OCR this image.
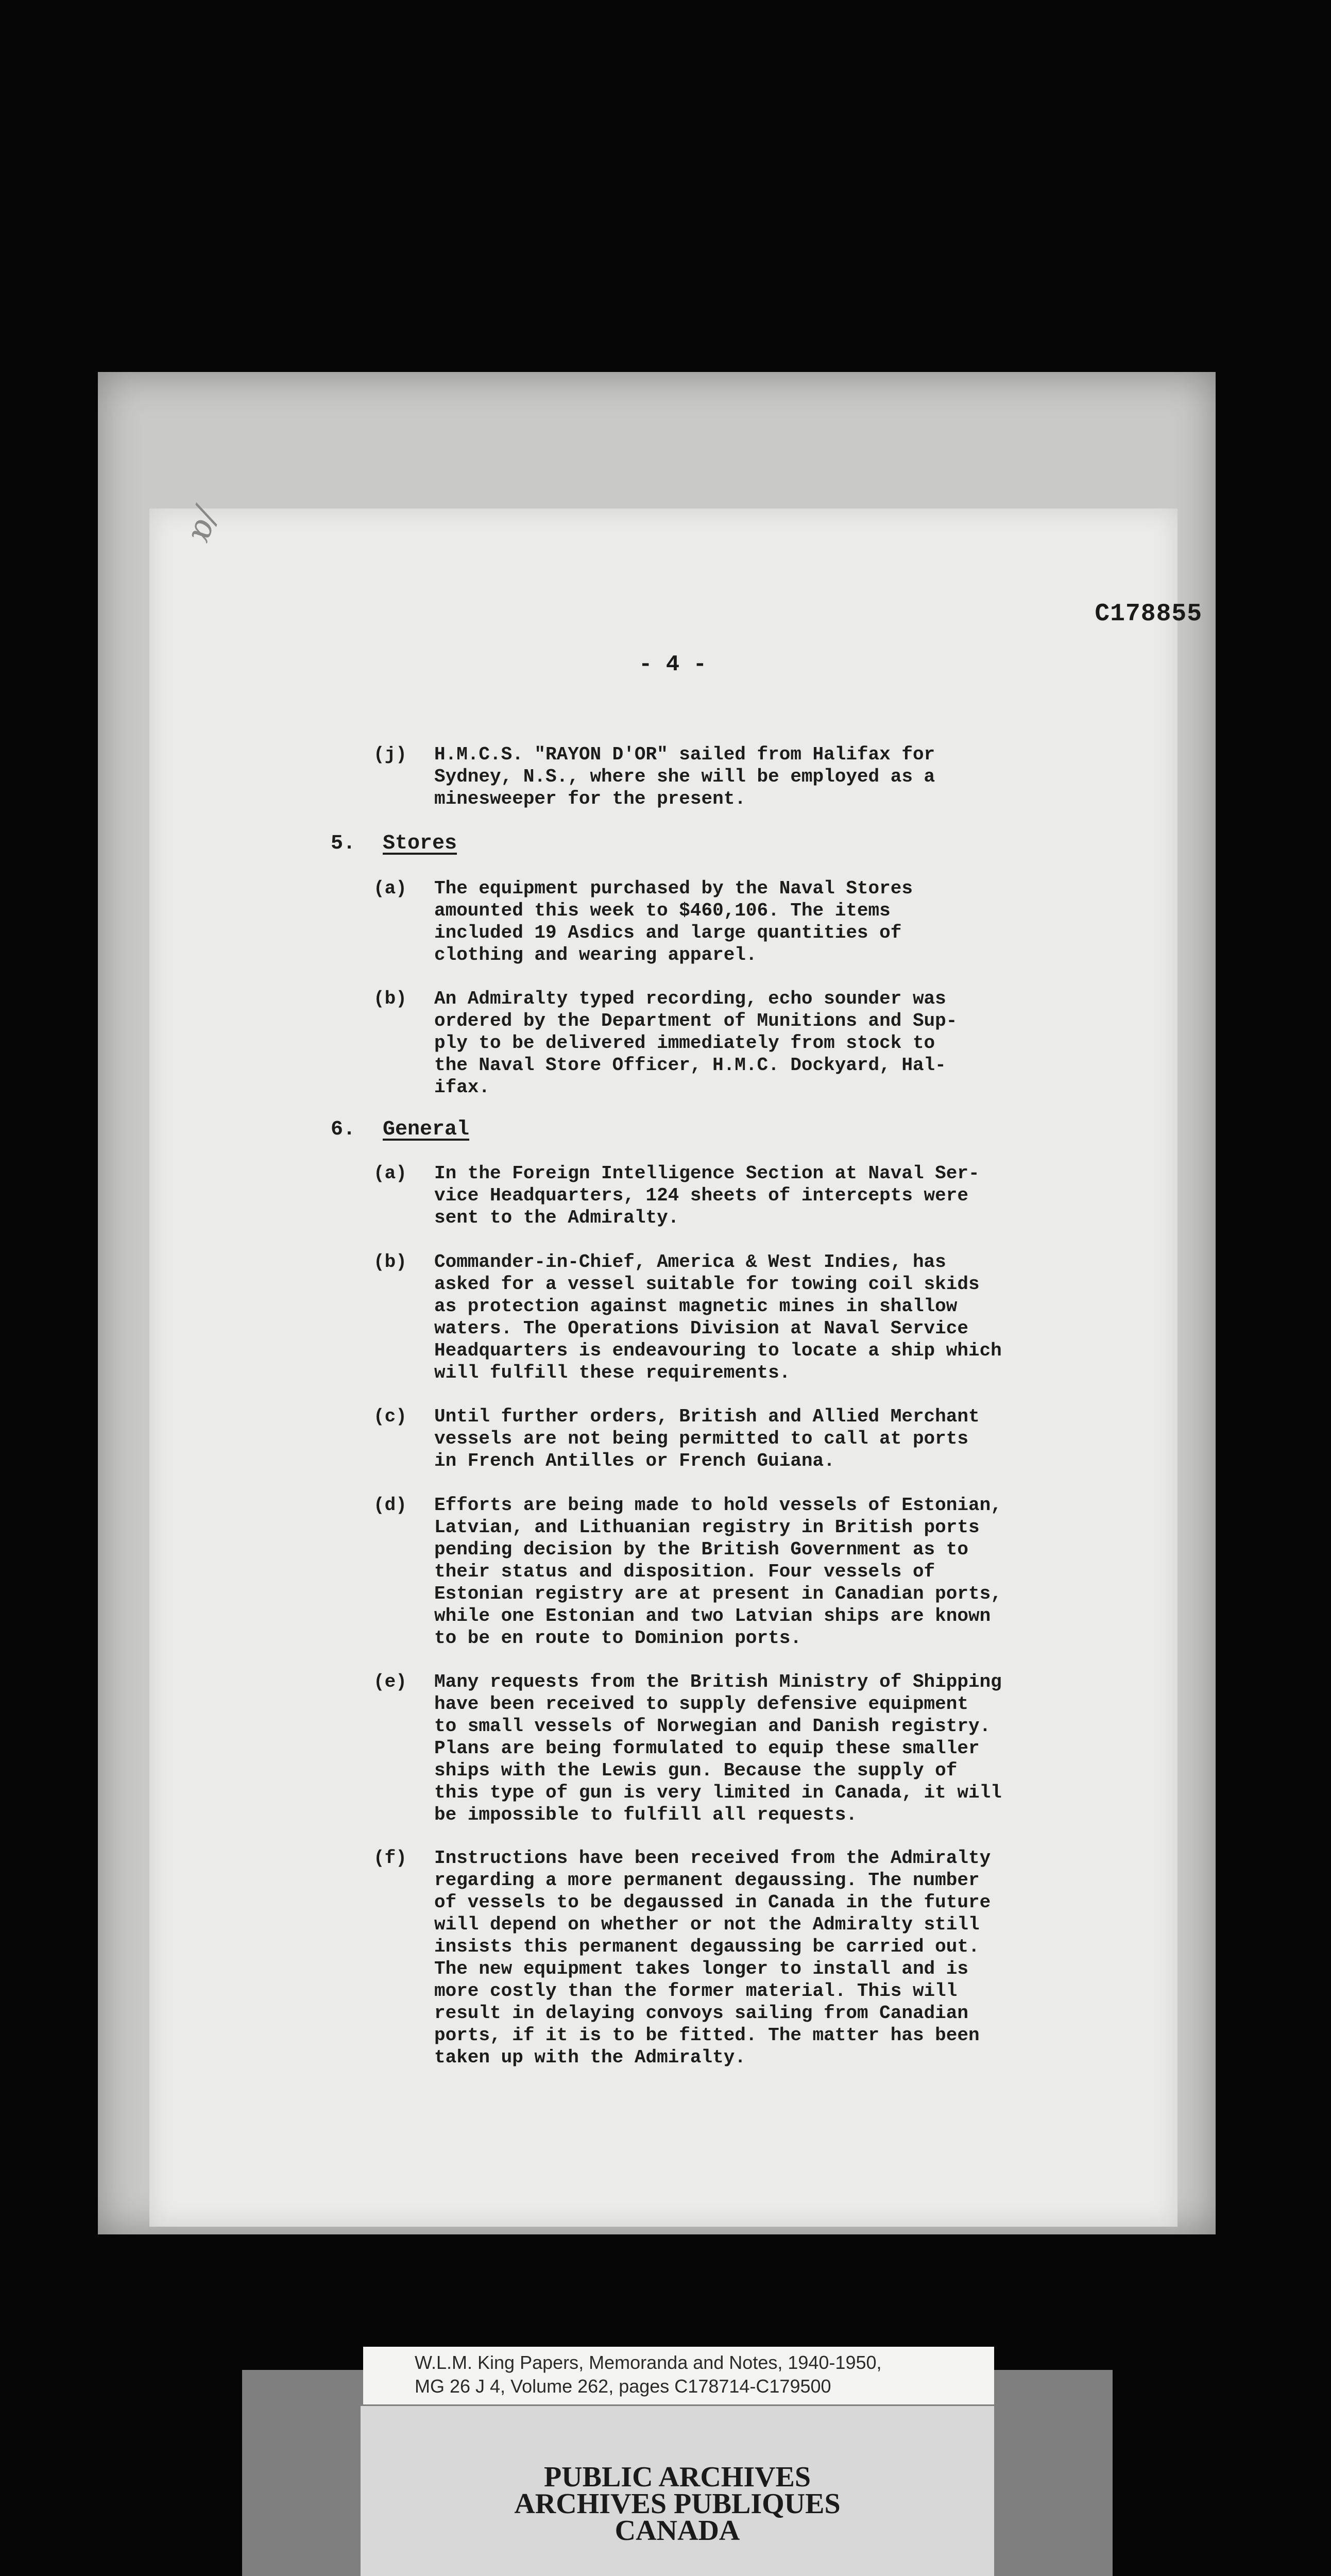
ɒ/
C178855
- 4 -
(j) H.M.C.S. "RAYON D'OR" sailed from Halifax for
Sydney, N.S., where she will be employed as a
minesweeper for the present.
5. Stores
(a) The equipment purchased by the Naval Stores
amounted this week to $460,106. The items
included 19 Asdics and large quantities of
clothing and wearing apparel.
(b) An Admiralty typed recording, echo sounder was
ordered by the Department of Munitions and Sup-
ply to be delivered immediately from stock to
the Naval Store Officer, H.M.C. Dockyard, Hal-
ifax.
6. General
(a) In the Foreign Intelligence Section at Naval Ser-
vice Headquarters, 124 sheets of intercepts were
sent to the Admiralty.
(b) Commander-in-Chief, America & West Indies, has
asked for a vessel suitable for towing coil skids
as protection against magnetic mines in shallow
waters. The Operations Division at Naval Service
Headquarters is endeavouring to locate a ship which
will fulfill these requirements.
(c) Until further orders, British and Allied Merchant
vessels are not being permitted to call at ports
in French Antilles or French Guiana.
(d) Efforts are being made to hold vessels of Estonian,
Latvian, and Lithuanian registry in British ports
pending decision by the British Government as to
their status and disposition. Four vessels of
Estonian registry are at present in Canadian ports,
while one Estonian and two Latvian ships are known
to be en route to Dominion ports.
(e) Many requests from the British Ministry of Shipping
have been received to supply defensive equipment
to small vessels of Norwegian and Danish registry.
Plans are being formulated to equip these smaller
ships with the Lewis gun. Because the supply of
this type of gun is very limited in Canada, it will
be impossible to fulfill all requests.
(f) Instructions have been received from the Admiralty
regarding a more permanent degaussing. The number
of vessels to be degaussed in Canada in the future
will depend on whether or not the Admiralty still
insists this permanent degaussing be carried out.
The new equipment takes longer to install and is
more costly than the former material. This will
result in delaying convoys sailing from Canadian
ports, if it is to be fitted. The matter has been
taken up with the Admiralty.
PUBLIC ARCHIVES
ARCHIVES PUBLIQUES
CANADA
W.L.M. King Papers, Memoranda and Notes, 1940-1950,
MG 26 J 4, Volume 262, pages C178714-C179500
